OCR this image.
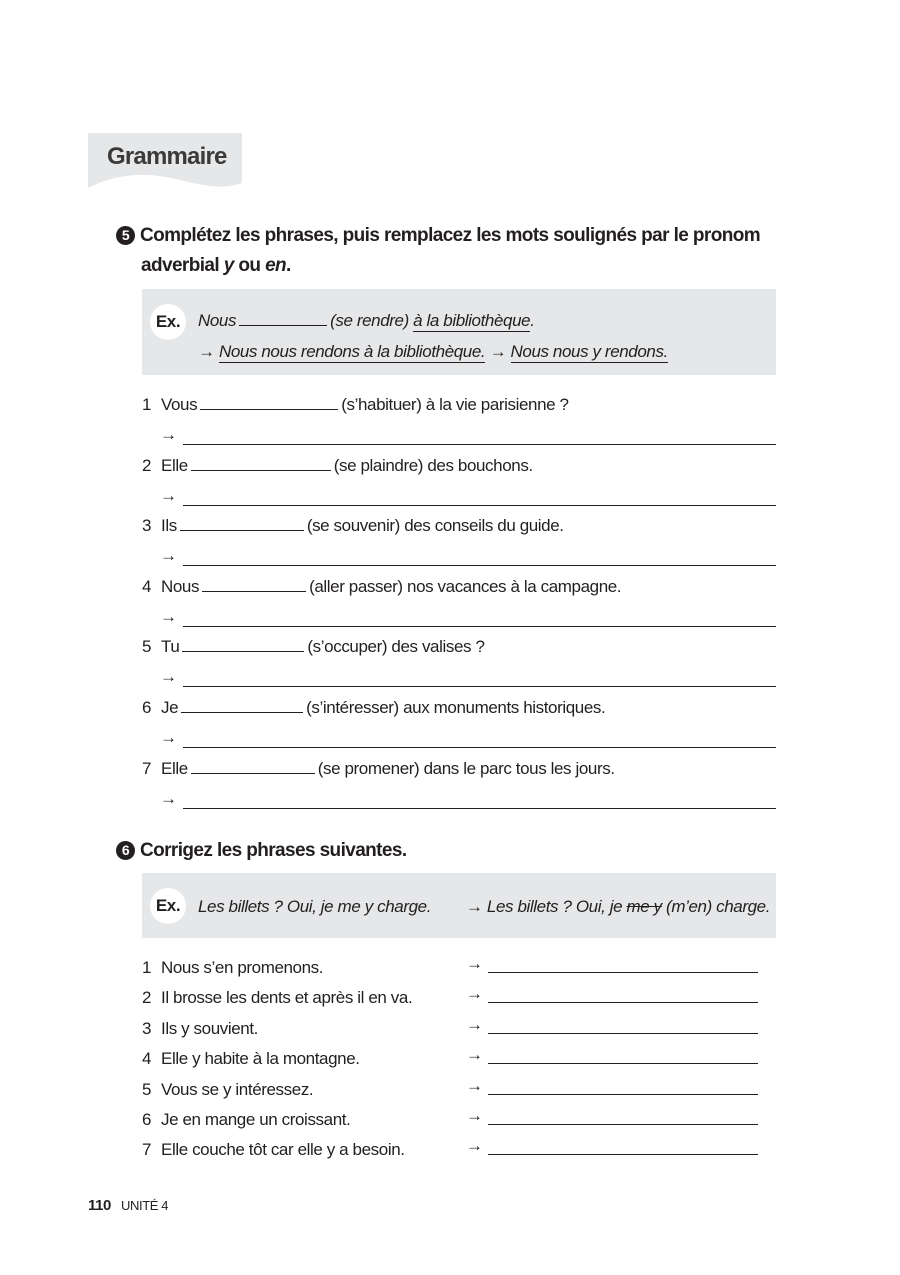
Grammaire
5 Complétez les phrases, puis remplacez les mots soulignés par le pronom
adverbial y ou en.
Ex.	Nous	(se rendre) à la bibliothèque.
→ Nous nous rendons à la bibliothèque. → Nous nous y rendons.
1 Vous	(s’habituer) à la vie parisienne ?
→
2 Elle	(se plaindre) des bouchons.
→
3 Ils	(se souvenir) des conseils du guide.
→
4 Nous	(aller passer) nos vacances à la campagne.
→
5 Tu	(s’occuper) des valises ?
→
6 Je	(s’intéresser) aux monuments historiques.
→
7 Elle	(se promener) dans le parc tous les jours.
→
6 Corrigez les phrases suivantes.
Ex.	Les billets ? Oui, je me y charge. → Les billets ? Oui, je me y (m’en) charge.
1 Nous s’en promenons.	→
2 Il brosse les dents et après il en va.	→
3 Ils y souvient.	→
4 Elle y habite à la montagne.	→
5 Vous se y intéressez.	→
6 Je en mange un croissant.	→
7 Elle couche tôt car elle y a besoin.	→
110 UNITÉ 4
